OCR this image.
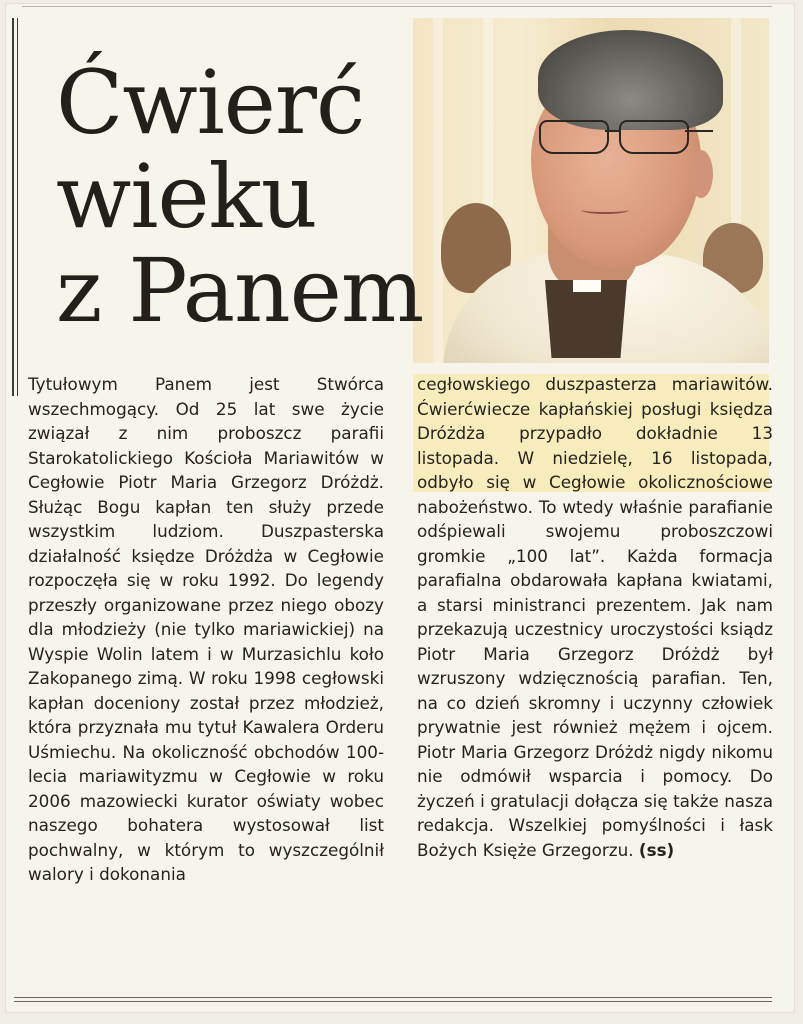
Ćwierć
wieku
z Panem

Tytułowym Panem jest Stwórca wszechmogący. Od 25 lat swe życie związał z nim proboszcz parafii Starokatolickiego Kościoła Mariawitów w Cegłowie Piotr Maria Grzegorz Dróżdż. Służąc Bogu kapłan ten służy przede wszystkim ludziom. Duszpasterska działalność księdze Dróżdża w Cegłowie rozpoczęła się w roku 1992. Do legendy przeszły organizowane przez niego obozy dla młodzieży (nie tylko mariawickiej) na Wyspie Wolin latem i w Murzasichlu koło Zakopanego zimą. W roku 1998 cegłowski kapłan doceniony został przez młodzież, która przyznała mu tytuł Kawalera Orderu Uśmiechu. Na okoliczność obchodów 100-lecia mariawityzmu w Cegłowie w roku 2006 mazowiecki kurator oświaty wobec naszego bohatera wystosował list pochwalny, w którym to wyszczególnił walory i dokonania

cegłowskiego duszpasterza mariawitów. Ćwierćwiecze kapłańskiej posługi księdza Dróżdża przypadło dokładnie 13 listopada. W niedzielę, 16 listopada, odbyło się w Cegłowie okolicznościowe nabożeństwo. To wtedy właśnie parafianie odśpiewali swojemu proboszczowi gromkie „100 lat”. Każda formacja parafialna obdarowała kapłana kwiatami, a starsi ministranci prezentem. Jak nam przekazują uczestnicy uroczystości ksiądz Piotr Maria Grzegorz Dróżdż był wzruszony wdzięcznością parafian. Ten, na co dzień skromny i uczynny człowiek prywatnie jest również mężem i ojcem. Piotr Maria Grzegorz Dróżdż nigdy nikomu nie odmówił wsparcia i pomocy. Do życzeń i gratulacji dołącza się także nasza redakcja. Wszelkiej pomyślności i łask Bożych Księże Grzegorzu. (ss)
